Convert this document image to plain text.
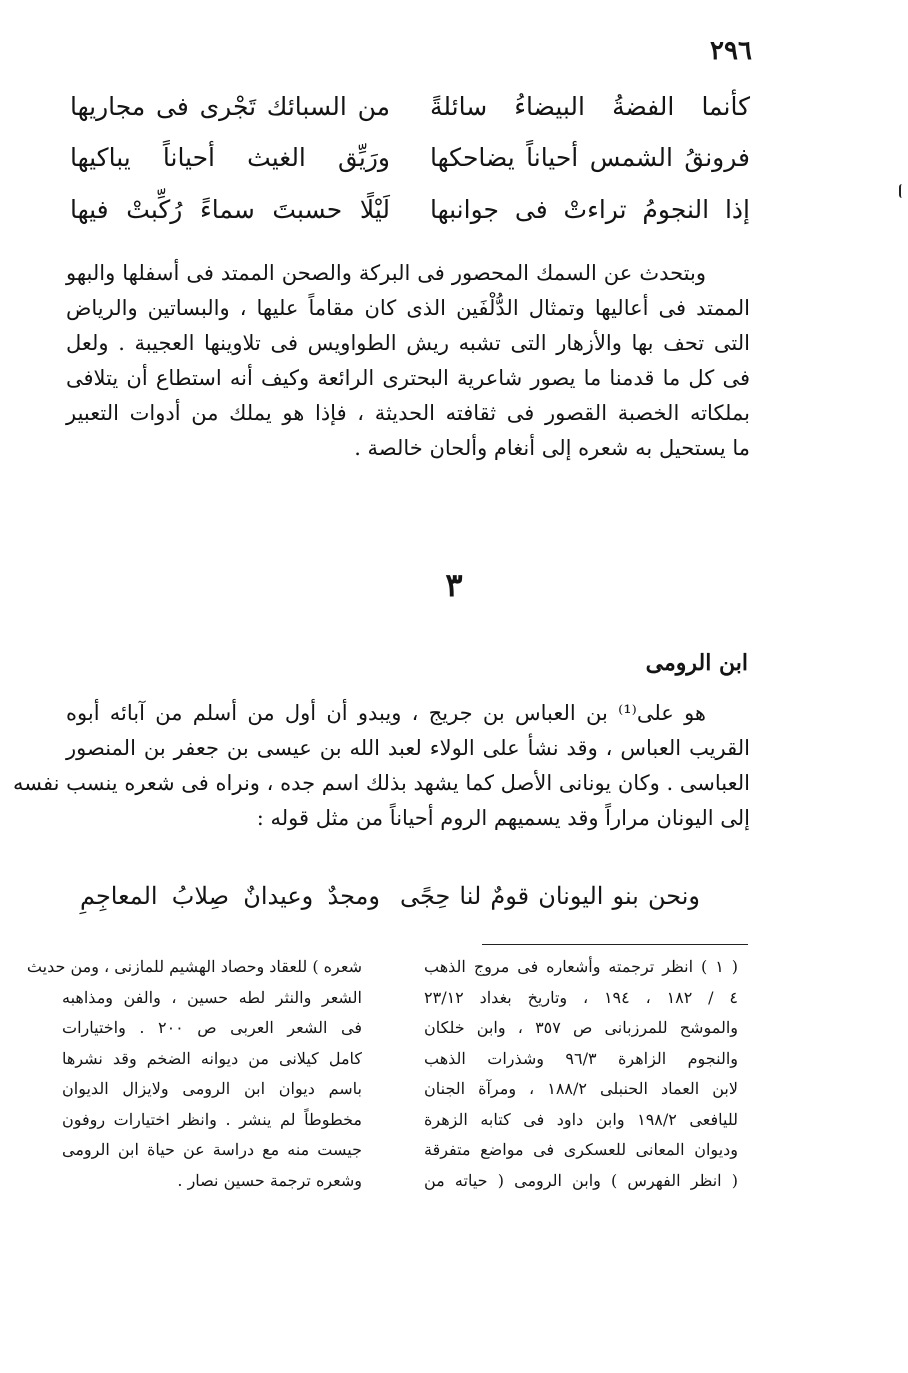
٢٩٦
كأنما الفضةُ البيضاءُ سائلةً
من السبائك تَجْرى فى مجاريها
فرونقُ الشمس أحياناً يضاحكها
ورَيِّق الغيث أحياناً يباكيها
إذا النجومُ تراءتْ فى جوانبها
لَيْلًا حسبتَ سماءً رُكِّبتْ فيها
وبتحدث عن السمك المحصور فى البركة والصحن الممتد فى أسفلها والبهو
الممتد فى أعاليها وتمثال الدُّلْفَين الذى كان مقاماً عليها ، والبساتين والرياض
التى تحف بها والأزهار التى تشبه ريش الطواويس فى تلاوينها العجيبة . ولعل
فى كل ما قدمنا ما يصور شاعرية البحترى الرائعة وكيف أنه استطاع أن يتلافى
بملكاته الخصبة القصور فى ثقافته الحديثة ، فإذا هو يملك من أدوات التعبير
ما يستحيل به شعره إلى أنغام وألحان خالصة .
٣
ابن الرومى
هو على⁽¹⁾ بن العباس بن جريج ، ويبدو أن أول من أسلم من آبائه أبوه
القريب العباس ، وقد نشأ على الولاء لعبد الله بن عيسى بن جعفر بن المنصور
العباسى . وكان يونانى الأصل كما يشهد بذلك اسم جده ، ونراه فى شعره ينسب نفسه
إلى اليونان مراراً وقد يسميهم الروم أحياناً من مثل قوله :
ونحن بنو اليونان قومٌ لنا حِجًى
ومجدٌ وعيدانٌ صِلابُ المعاجِمِ
( ١ ) انظر ترجمته وأشعاره فى مروج الذهب
٤ / ١٨٢ ، ١٩٤ ، وتاريخ بغداد ٢٣/١٢
والموشح للمرزبانى ص ٣٥٧ ، وابن خلكان
والنجوم الزاهرة ٩٦/٣ وشذرات الذهب
لابن العماد الحنبلى ١٨٨/٢ ، ومرآة الجنان
لليافعى ١٩٨/٢ وابن داود فى كتابه الزهرة
وديوان المعانى للعسكرى فى مواضع متفرقة
( انظر الفهرس ) وابن الرومى ( حياته من
شعره ) للعقاد وحصاد الهشيم للمازنى ، ومن حديث
الشعر والنثر لطه حسين ، والفن ومذاهبه
فى الشعر العربى ص ٢٠٠ . واختيارات
كامل كيلانى من ديوانه الضخم وقد نشرها
باسم ديوان ابن الرومى ولايزال الديوان
مخطوطاً لم ينشر . وانظر اختيارات روفون
جيست منه مع دراسة عن حياة ابن الرومى
وشعره ترجمة حسين نصار .
